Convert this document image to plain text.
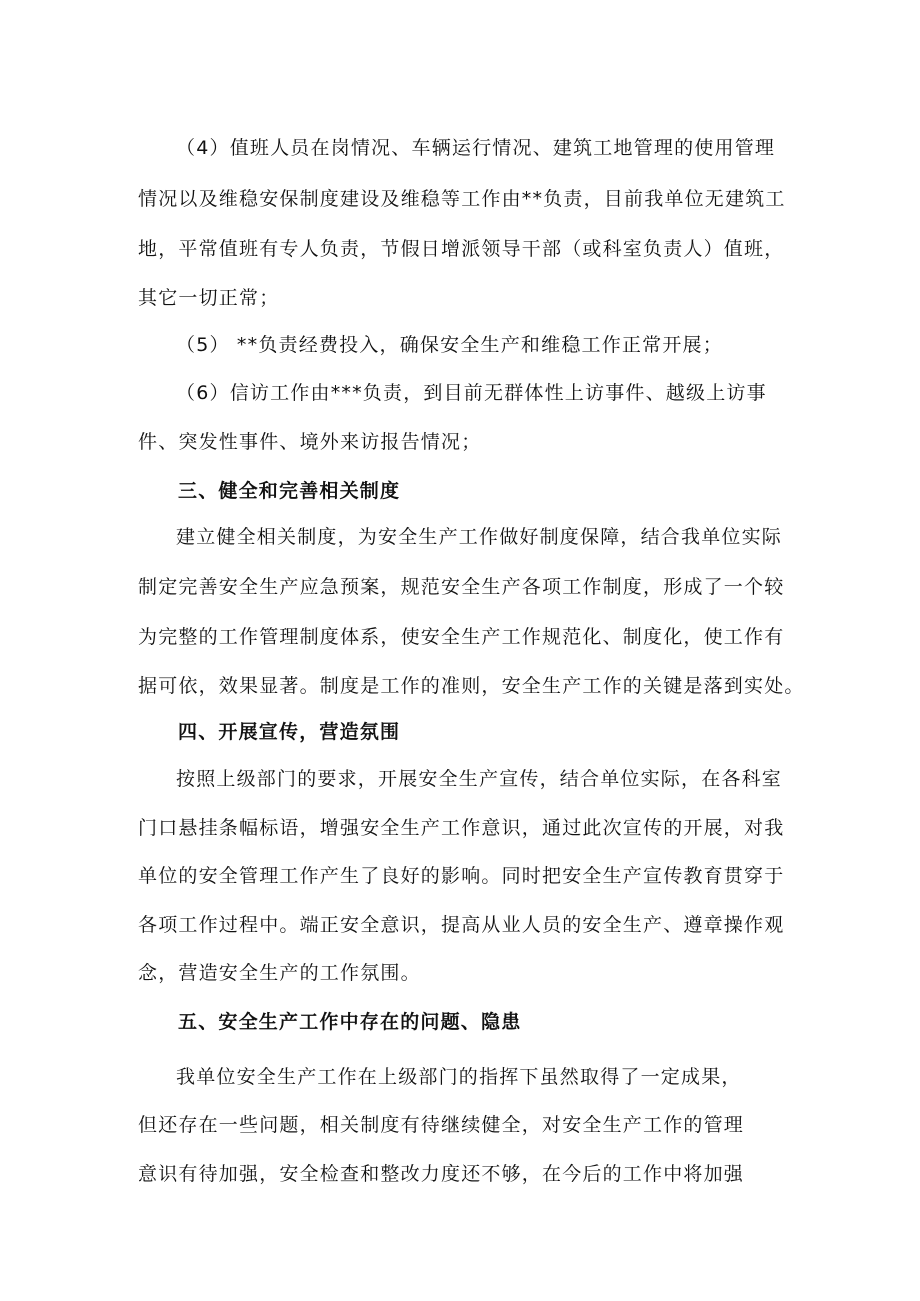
（4）值班人员在岗情况、车辆运行情况、建筑工地管理的使用管理

情况以及维稳安保制度建设及维稳等工作由**负责，目前我单位无建筑工

地，平常值班有专人负责，节假日增派领导干部（或科室负责人）值班，

其它一切正常；

（5） **负责经费投入，确保安全生产和维稳工作正常开展；

（6）信访工作由***负责，到目前无群体性上访事件、越级上访事

件、突发性事件、境外来访报告情况；

三、健全和完善相关制度

建立健全相关制度，为安全生产工作做好制度保障，结合我单位实际

制定完善安全生产应急预案，规范安全生产各项工作制度，形成了一个较

为完整的工作管理制度体系，使安全生产工作规范化、制度化，使工作有

据可依，效果显著。制度是工作的准则，安全生产工作的关键是落到实处。

四、开展宣传，营造氛围

按照上级部门的要求，开展安全生产宣传，结合单位实际，在各科室

门口悬挂条幅标语，增强安全生产工作意识，通过此次宣传的开展，对我

单位的安全管理工作产生了良好的影响。同时把安全生产宣传教育贯穿于

各项工作过程中。端正安全意识，提高从业人员的安全生产、遵章操作观

念，营造安全生产的工作氛围。

五、安全生产工作中存在的问题、隐患

我单位安全生产工作在上级部门的指挥下虽然取得了一定成果，

但还存在一些问题，相关制度有待继续健全，对安全生产工作的管理

意识有待加强，安全检查和整改力度还不够，在今后的工作中将加强
